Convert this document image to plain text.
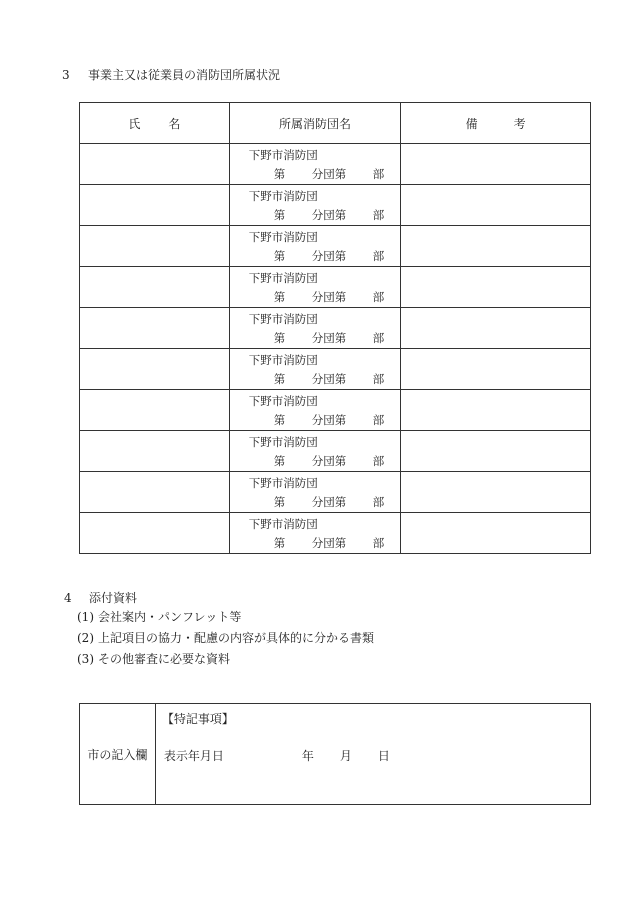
3 事業主又は従業員の消防団所属状況
氏 名	所属消防団名	備 考

	下野市消防団
第 分団第 部	

	下野市消防団
第 分団第 部	

	下野市消防団
第 分団第 部	

	下野市消防団
第 分団第 部	

	下野市消防団
第 分団第 部	

	下野市消防団
第 分団第 部	

	下野市消防団
第 分団第 部	

	下野市消防団
第 分団第 部	

	下野市消防団
第 分団第 部	

	下野市消防団
第 分団第 部	

4 添付資料
(1) 会社案内・パンフレット等
(2) 上記項目の協力・配慮の内容が具体的に分かる書類
(3) その他審査に必要な資料
市の記入欄	
【特記事項】
表示年月日	年 月 日
